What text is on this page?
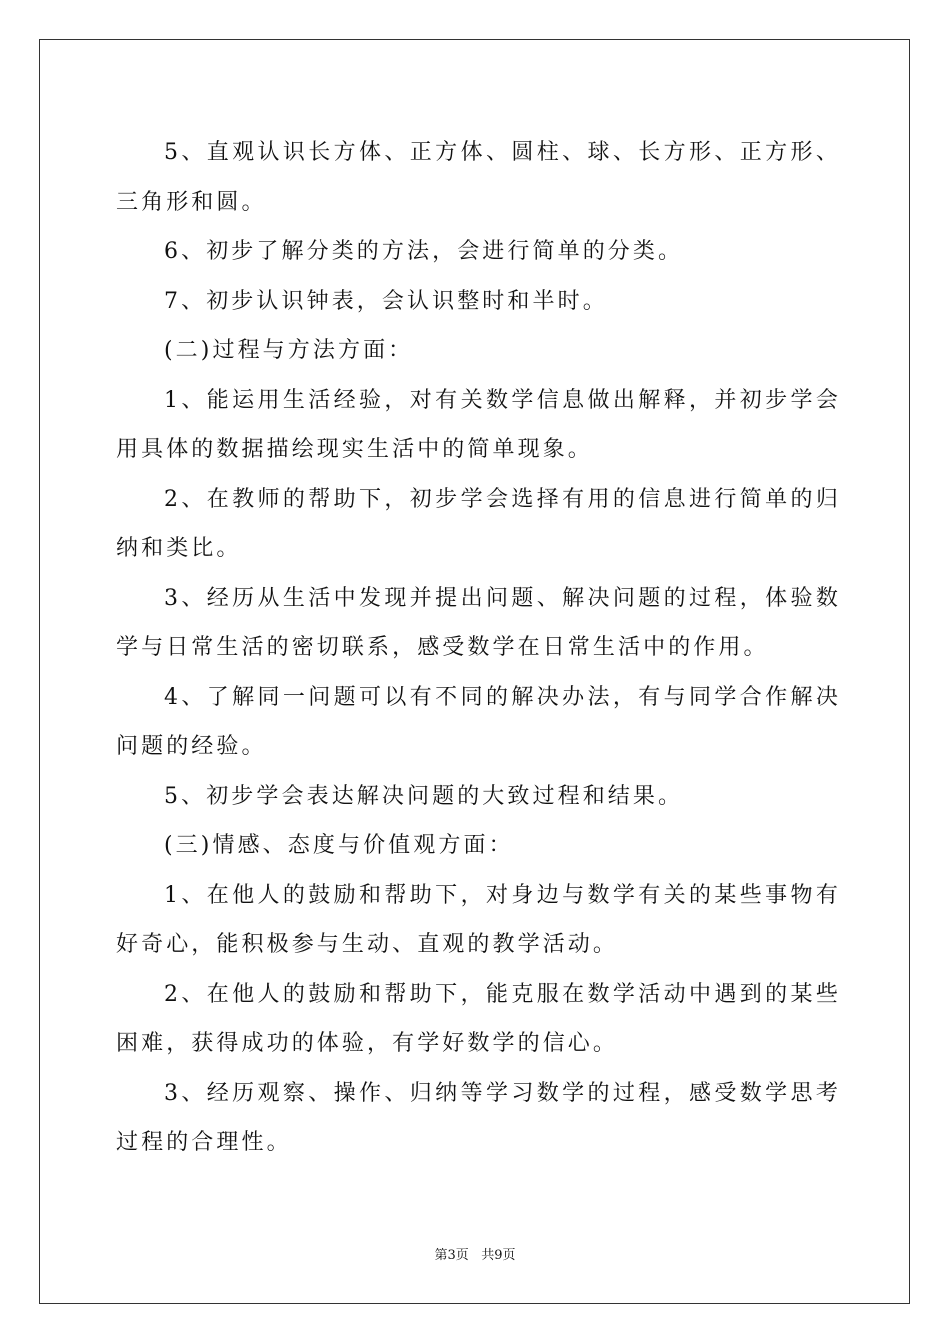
5、直观认识长方体、正方体、圆柱、球、长方形、正方形、三角形和圆。

6、初步了解分类的方法，会进行简单的分类。

7、初步认识钟表，会认识整时和半时。

(二)过程与方法方面：

1、能运用生活经验，对有关数学信息做出解释，并初步学会用具体的数据描绘现实生活中的简单现象。

2、在教师的帮助下，初步学会选择有用的信息进行简单的归纳和类比。

3、经历从生活中发现并提出问题、解决问题的过程，体验数学与日常生活的密切联系，感受数学在日常生活中的作用。

4、了解同一问题可以有不同的解决办法，有与同学合作解决问题的经验。

5、初步学会表达解决问题的大致过程和结果。

(三)情感、态度与价值观方面：

1、在他人的鼓励和帮助下，对身边与数学有关的某些事物有好奇心，能积极参与生动、直观的教学活动。

2、在他人的鼓励和帮助下，能克服在数学活动中遇到的某些困难，获得成功的体验，有学好数学的信心。

3、经历观察、操作、归纳等学习数学的过程，感受数学思考过程的合理性。

第3页 共9页
